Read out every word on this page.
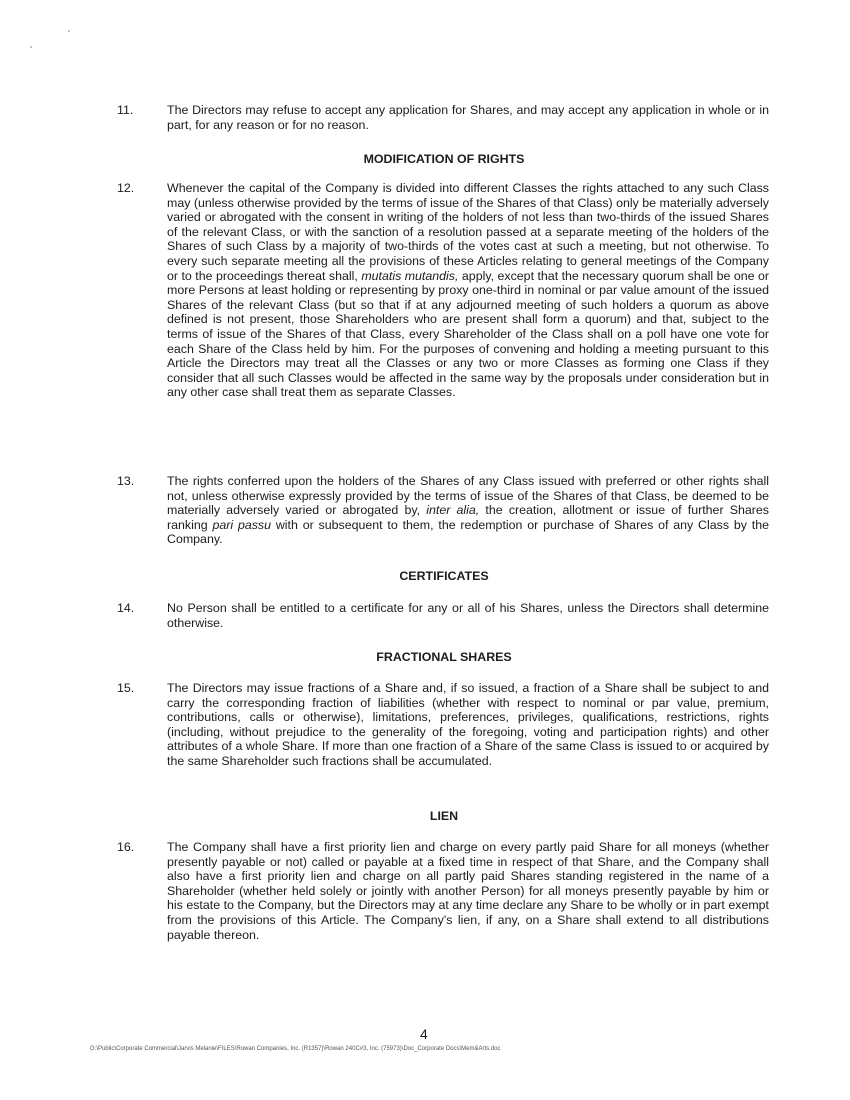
11.	The Directors may refuse to accept any application for Shares, and may accept any application in whole or in part, for any reason or for no reason.
MODIFICATION OF RIGHTS
12.	Whenever the capital of the Company is divided into different Classes the rights attached to any such Class may (unless otherwise provided by the terms of issue of the Shares of that Class) only be materially adversely varied or abrogated with the consent in writing of the holders of not less than two-thirds of the issued Shares of the relevant Class, or with the sanction of a resolution passed at a separate meeting of the holders of the Shares of such Class by a majority of two-thirds of the votes cast at such a meeting, but not otherwise. To every such separate meeting all the provisions of these Articles relating to general meetings of the Company or to the proceedings thereat shall, mutatis mutandis, apply, except that the necessary quorum shall be one or more Persons at least holding or representing by proxy one-third in nominal or par value amount of the issued Shares of the relevant Class (but so that if at any adjourned meeting of such holders a quorum as above defined is not present, those Shareholders who are present shall form a quorum) and that, subject to the terms of issue of the Shares of that Class, every Shareholder of the Class shall on a poll have one vote for each Share of the Class held by him. For the purposes of convening and holding a meeting pursuant to this Article the Directors may treat all the Classes or any two or more Classes as forming one Class if they consider that all such Classes would be affected in the same way by the proposals under consideration but in any other case shall treat them as separate Classes.
13.	The rights conferred upon the holders of the Shares of any Class issued with preferred or other rights shall not, unless otherwise expressly provided by the terms of issue of the Shares of that Class, be deemed to be materially adversely varied or abrogated by, inter alia, the creation, allotment or issue of further Shares ranking pari passu with or subsequent to them, the redemption or purchase of Shares of any Class by the Company.
CERTIFICATES
14.	No Person shall be entitled to a certificate for any or all of his Shares, unless the Directors shall determine otherwise.
FRACTIONAL SHARES
15.	The Directors may issue fractions of a Share and, if so issued, a fraction of a Share shall be subject to and carry the corresponding fraction of liabilities (whether with respect to nominal or par value, premium, contributions, calls or otherwise), limitations, preferences, privileges, qualifications, restrictions, rights (including, without prejudice to the generality of the foregoing, voting and participation rights) and other attributes of a whole Share. If more than one fraction of a Share of the same Class is issued to or acquired by the same Shareholder such fractions shall be accumulated.
LIEN
16.	The Company shall have a first priority lien and charge on every partly paid Share for all moneys (whether presently payable or not) called or payable at a fixed time in respect of that Share, and the Company shall also have a first priority lien and charge on all partly paid Shares standing registered in the name of a Shareholder (whether held solely or jointly with another Person) for all moneys presently payable by him or his estate to the Company, but the Directors may at any time declare any Share to be wholly or in part exempt from the provisions of this Article. The Company's lien, if any, on a Share shall extend to all distributions payable thereon.
4
G:\Public\Corporate Commercial\Jarvis Melanie\FILES\Rowan Companies, Inc. (R1357)\Rowan 240C#3, Inc. (75973)\Doc_Corporate Docs\Mem&Arts.doc
